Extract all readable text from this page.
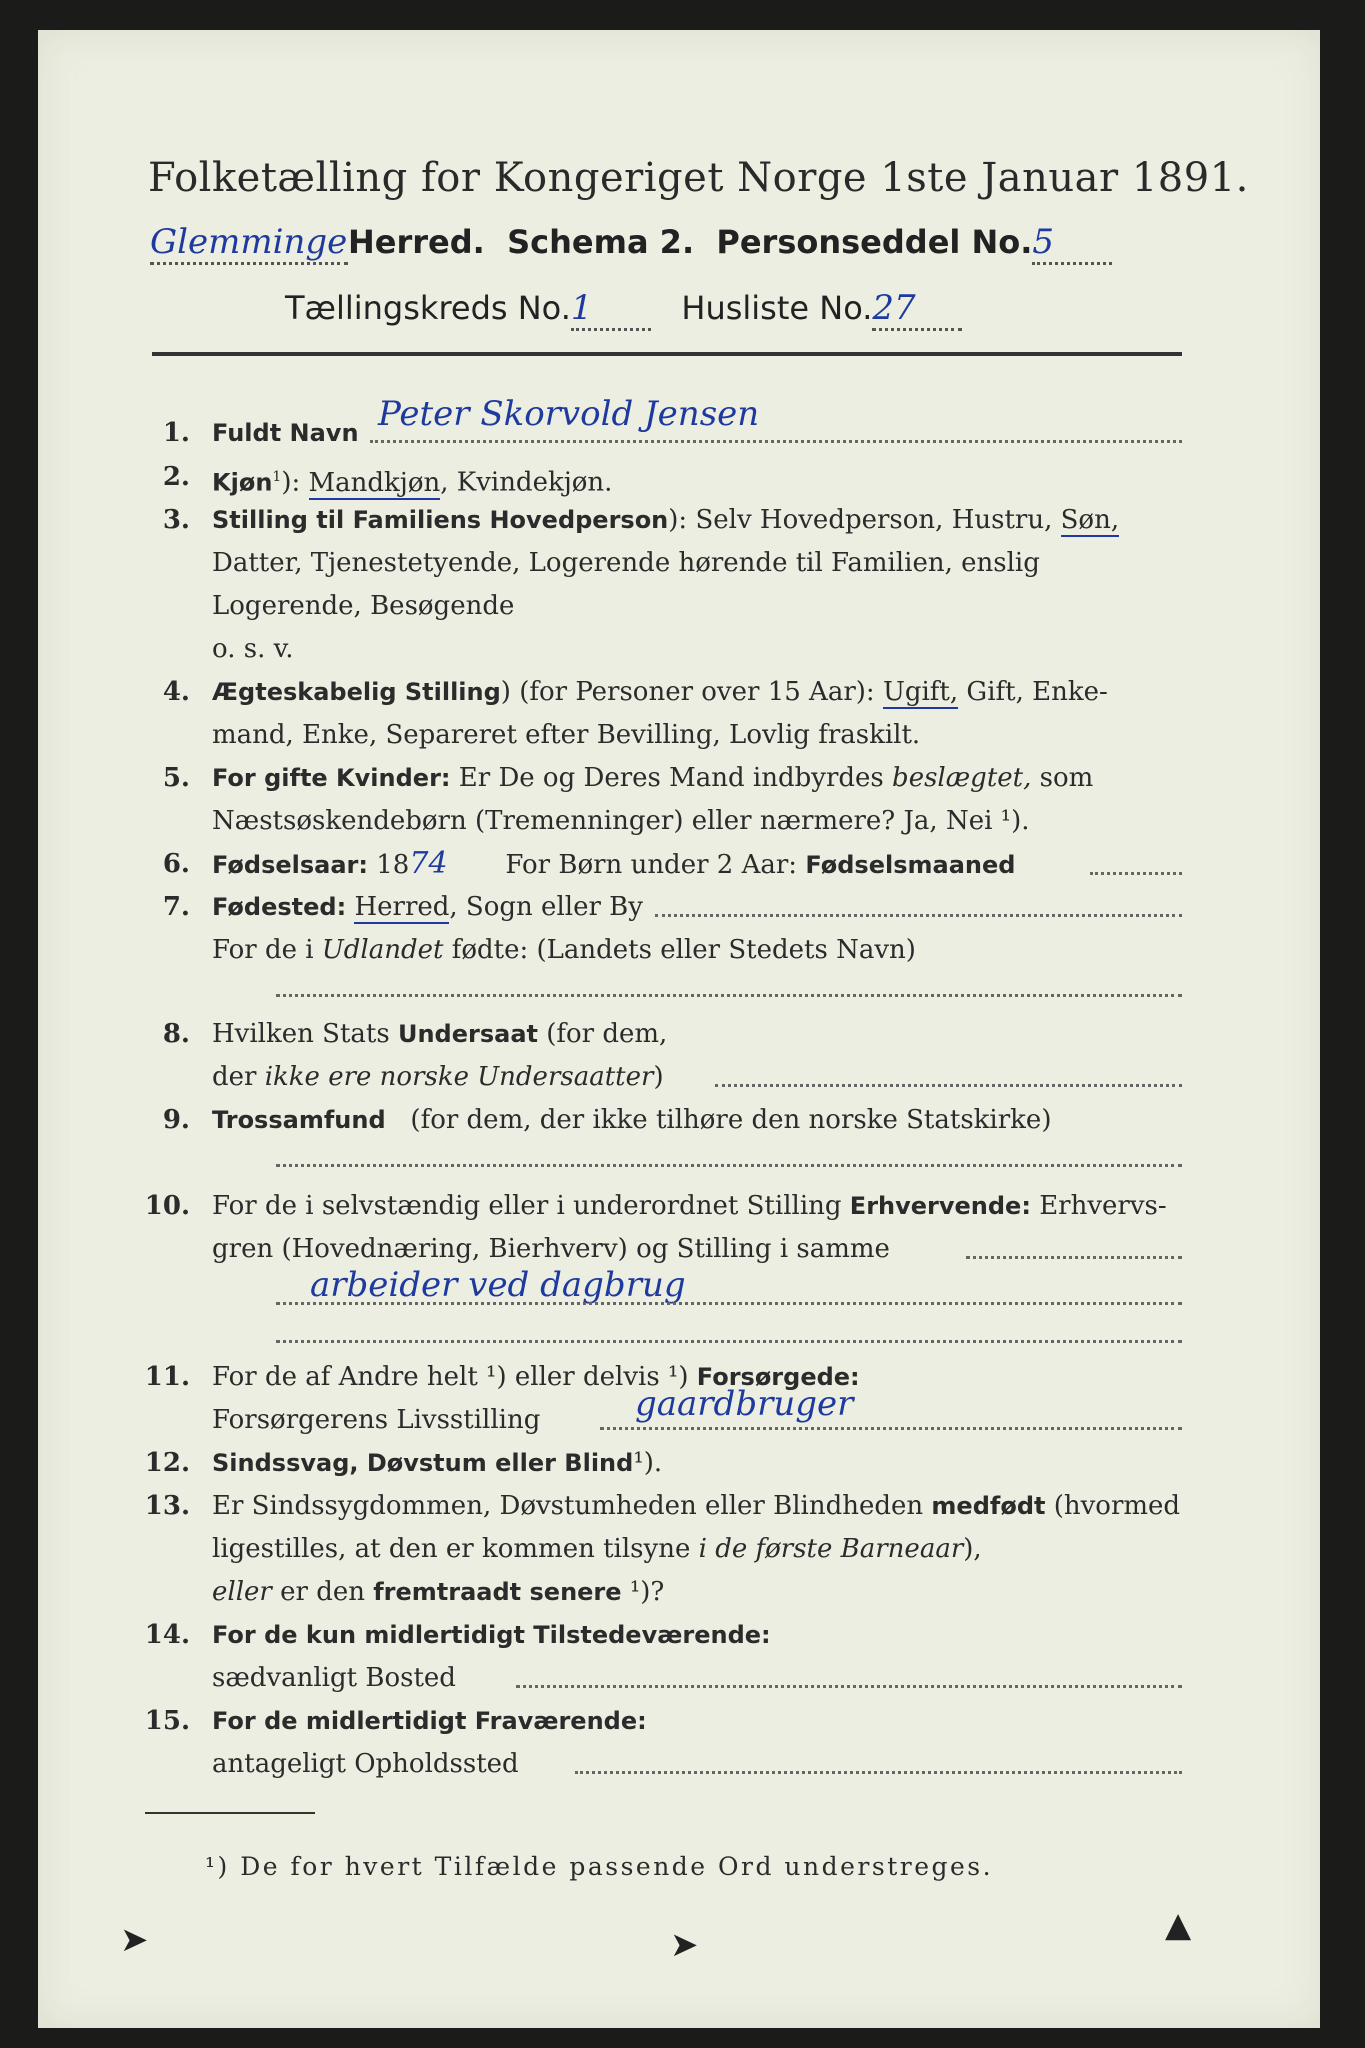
Folketælling for Kongeriget Norge 1ste Januar 1891.
GlemmingeHerred. Schema 2. Personseddel No.5
Tællingskreds No.1	Husliste No.27
1. Fuldt Navn Peter Skorvold Jensen
2. Kjøn$^1$): Mandkjøn, Kvindekjøn.
3. Stilling til Familiens Hovedperson): Selv Hovedperson, Hustru, Søn,
Datter, Tjenestetyende, Logerende hørende til Familien, enslig
Logerende, Besøgende
o. s. v.
4. Ægteskabelig Stilling) (for Personer over 15 Aar): Ugift, Gift, Enke-
mand, Enke, Separeret efter Bevilling, Lovlig fraskilt.
5. For gifte Kvinder: Er De og Deres Mand indbyrdes beslægtet, som
Næstsøskendebørn (Tremenninger) eller nærmere? Ja, Nei ¹).
6. Fødselsaar: 1874 For Børn under 2 Aar: Fødselsmaaned
7. Fødested: Herred, Sogn eller By
For de i Udlandet fødte: (Landets eller Stedets Navn)
8. Hvilken Stats Undersaat (for dem,
der ikke ere norske Undersaatter)
9. Trossamfund (for dem, der ikke tilhøre den norske Statskirke)
10. For de i selvstændig eller i underordnet Stilling Erhvervende: Erhvervs-
gren (Hovednæring, Bierhverv) og Stilling i samme
arbeider ved dagbrug
11. For de af Andre helt ¹) eller delvis ¹) Forsørgede:
Forsørgerens Livsstilling	gaardbruger
12. Sindssvag, Døvstum eller Blind¹).
13. Er Sindssygdommen, Døvstumheden eller Blindheden medfødt (hvormed
ligestilles, at den er kommen tilsyne i de første Barneaar),
eller er den fremtraadt senere ¹)?
14. For de kun midlertidigt Tilstedeværende:
sædvanligt Bosted
15. For de midlertidigt Fraværende:
antageligt Opholdssted
¹) De for hvert Tilfælde passende Ord understreges.
➤	➤	▲
